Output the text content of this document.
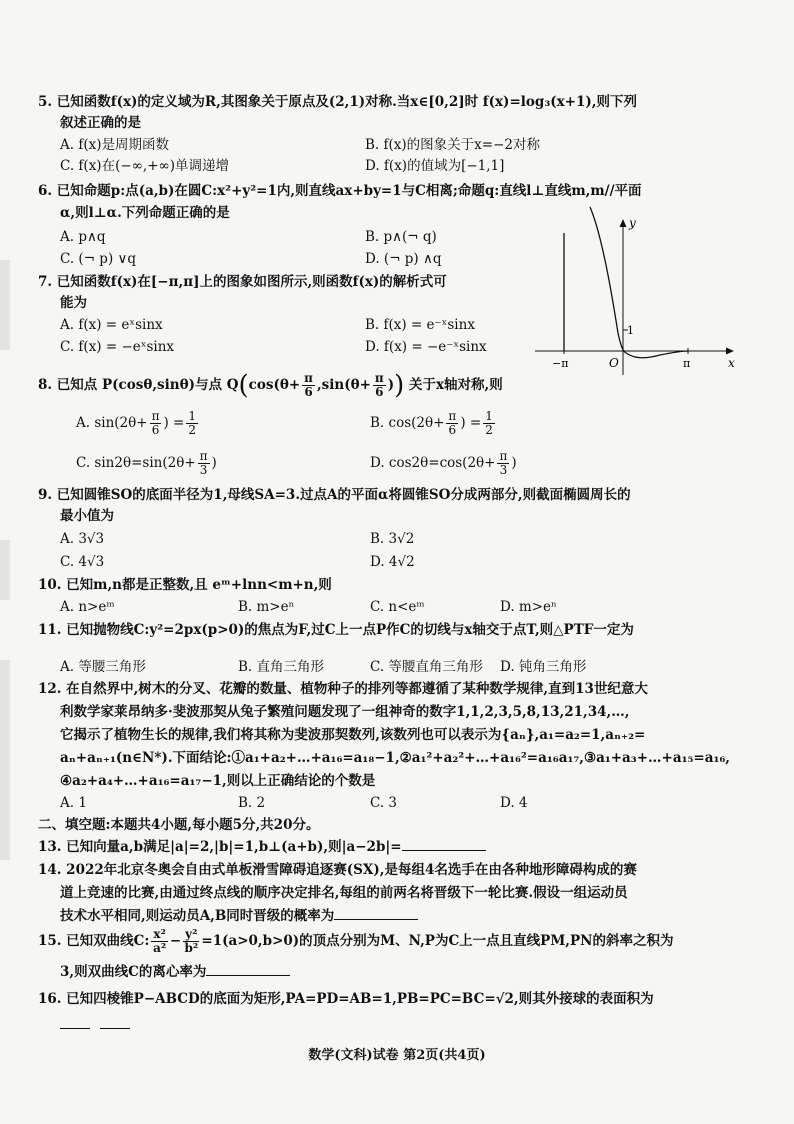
5. 已知函数f(x)的定义域为R,其图象关于原点及(2,1)对称.当x∈[0,2]时 f(x)=log₃(x+1),则下列
叙述正确的是
A. f(x)是周期函数	B. f(x)的图象关于x=−2对称
C. f(x)在(−∞,+∞)单调递增	D. f(x)的值域为[−1,1]
6. 已知命题p:点(a,b)在圆C:x²+y²=1内,则直线ax+by=1与C相离;命题q:直线l⊥直线m,m//平面
α,则l⊥α.下列命题正确的是
A. p∧q	B. p∧(¬ q)
C. (¬ p) ∨q	D. (¬ p) ∧q
7. 已知函数f(x)在[−π,π]上的图象如图所示,则函数f(x)的解析式可
能为
A. f(x) = eˣsinx	B. f(x) = e⁻ˣsinx
C. f(x) = −eˣsinx	D. f(x) = −e⁻ˣsinx
y
x
O
−π	π
1
8. 已知点 P(cosθ,sinθ)与点 $Q(\cos(\theta+ \frac{\pi}{6} ,\sin(\theta+ \frac{\pi}{6}$ )) 关于x轴对称,则
A. $\sin(2\theta+ \frac{\pi}{6}$ ) = $\frac{1}{2}$	B. $\cos(2\theta+ \frac{\pi}{6}$ ) = $\frac{1}{2}$
C. $\sin 2\theta=\sin(2\theta+ \frac{\pi}{3}$ )	D. $\cos 2\theta=\cos(2\theta+ \frac{\pi}{3}$ )
9. 已知圆锥SO的底面半径为1,母线SA=3.过点A的平面α将圆锥SO分成两部分,则截面椭圆周长的
最小值为
A. 3√3	B. 3√2
C. 4√3	D. 4√2
10. 已知m,n都是正整数,且 eᵐ+lnn<m+n,则
A. n>eᵐ	B. m>eⁿ	C. n<eᵐ	D. m>eⁿ
11. 已知抛物线C:y²=2px(p>0)的焦点为F,过C上一点P作C的切线与x轴交于点T,则△PTF一定为
A. 等腰三角形	B. 直角三角形	C. 等腰直角三角形 D. 钝角三角形
12. 在自然界中,树木的分叉、花瓣的数量、植物种子的排列等都遵循了某种数学规律,直到13世纪意大
利数学家莱昂纳多·斐波那契从兔子繁殖问题发现了一组神奇的数字1,1,2,3,5,8,13,21,34,…,
它揭示了植物生长的规律,我们将其称为斐波那契数列,该数列也可以表示为{aₙ},a₁=a₂=1,aₙ₊₂=
aₙ+aₙ₊₁(n∈N*).下面结论:①a₁+a₂+…+a₁₆=a₁₈−1,②a₁²+a₂²+…+a₁₆²=a₁₆a₁₇,③a₁+a₃+…+a₁₅=a₁₆,
④a₂+a₄+…+a₁₆=a₁₇−1,则以上正确结论的个数是
A. 1	B. 2	C. 3	D. 4
二、填空题:本题共4小题,每小题5分,共20分。
13. 已知向量a,b满足|a|=2,|b|=1,b⊥(a+b),则|a−2b|=
14. 2022年北京冬奥会自由式单板滑雪障碍追逐赛(SX),是每组4名选手在由各种地形障碍构成的赛
道上竞速的比赛,由通过终点线的顺序决定排名,每组的前两名将晋级下一轮比赛.假设一组运动员
技术水平相同,则运动员A,B同时晋级的概率为
15. 已知双曲线C: $\frac{\text{x²}}{\text{a²}} - \frac{\text{y²}}{\text{b²}} =1(a>0,b>0)$的顶点分别为M、N,P为C上一点且直线PM,PN的斜率之积为
3,则双曲线C的离心率为
16. 已知四棱锥P−ABCD的底面为矩形,PA=PD=AB=1,PB=PC=BC=√2,则其外接球的表面积为
数学(文科)试卷 第2页(共4页)
